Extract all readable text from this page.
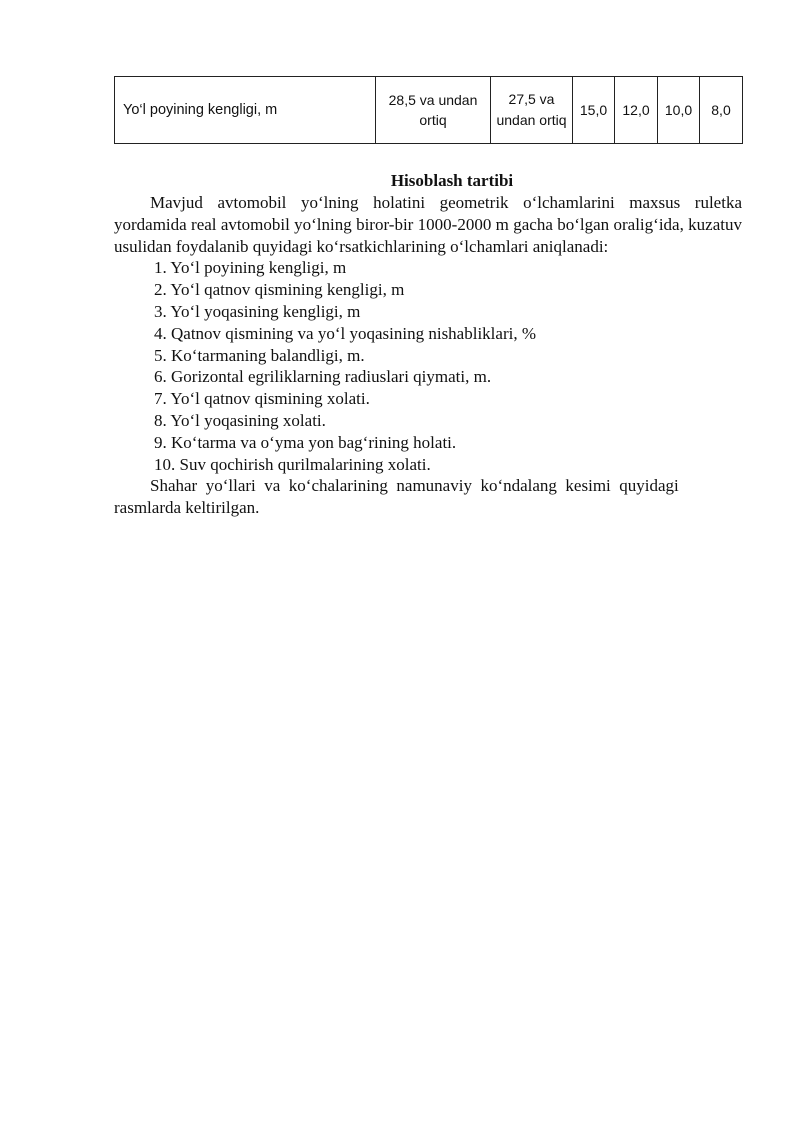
Yo‘l poyining kengligi, m	28,5 va undan ortiq	27,5 va undan ortiq	15,0	12,0	10,0	8,0
Hisoblash tartibi

Mavjud avtomobil yo‘lning holatini geometrik o‘lchamlarini maxsus ruletka yordamida real avtomobil yo‘lning biror-bir 1000-2000 m gacha bo‘lgan oralig‘ida, kuzatuv usulidan foydalanib quyidagi ko‘rsatkichlarining o‘lchamlari aniqlanadi:

1. Yo‘l poyining kengligi, m

2. Yo‘l qatnov qismining kengligi, m

3. Yo‘l yoqasining kengligi, m

4. Qatnov qismining va yo‘l yoqasining nishabliklari, %

5. Ko‘tarmaning balandligi, m.

6. Gorizontal egriliklarning radiuslari qiymati, m.

7. Yo‘l qatnov qismining xolati.

8. Yo‘l yoqasining xolati.

9. Ko‘tarma va o‘yma yon bag‘rining holati.

10. Suv qochirish qurilmalarining xolati.

Shahar  yo‘llari  va  ko‘chalarining  namunaviy  ko‘ndalang  kesimi  quyidagi

rasmlarda keltirilgan.
